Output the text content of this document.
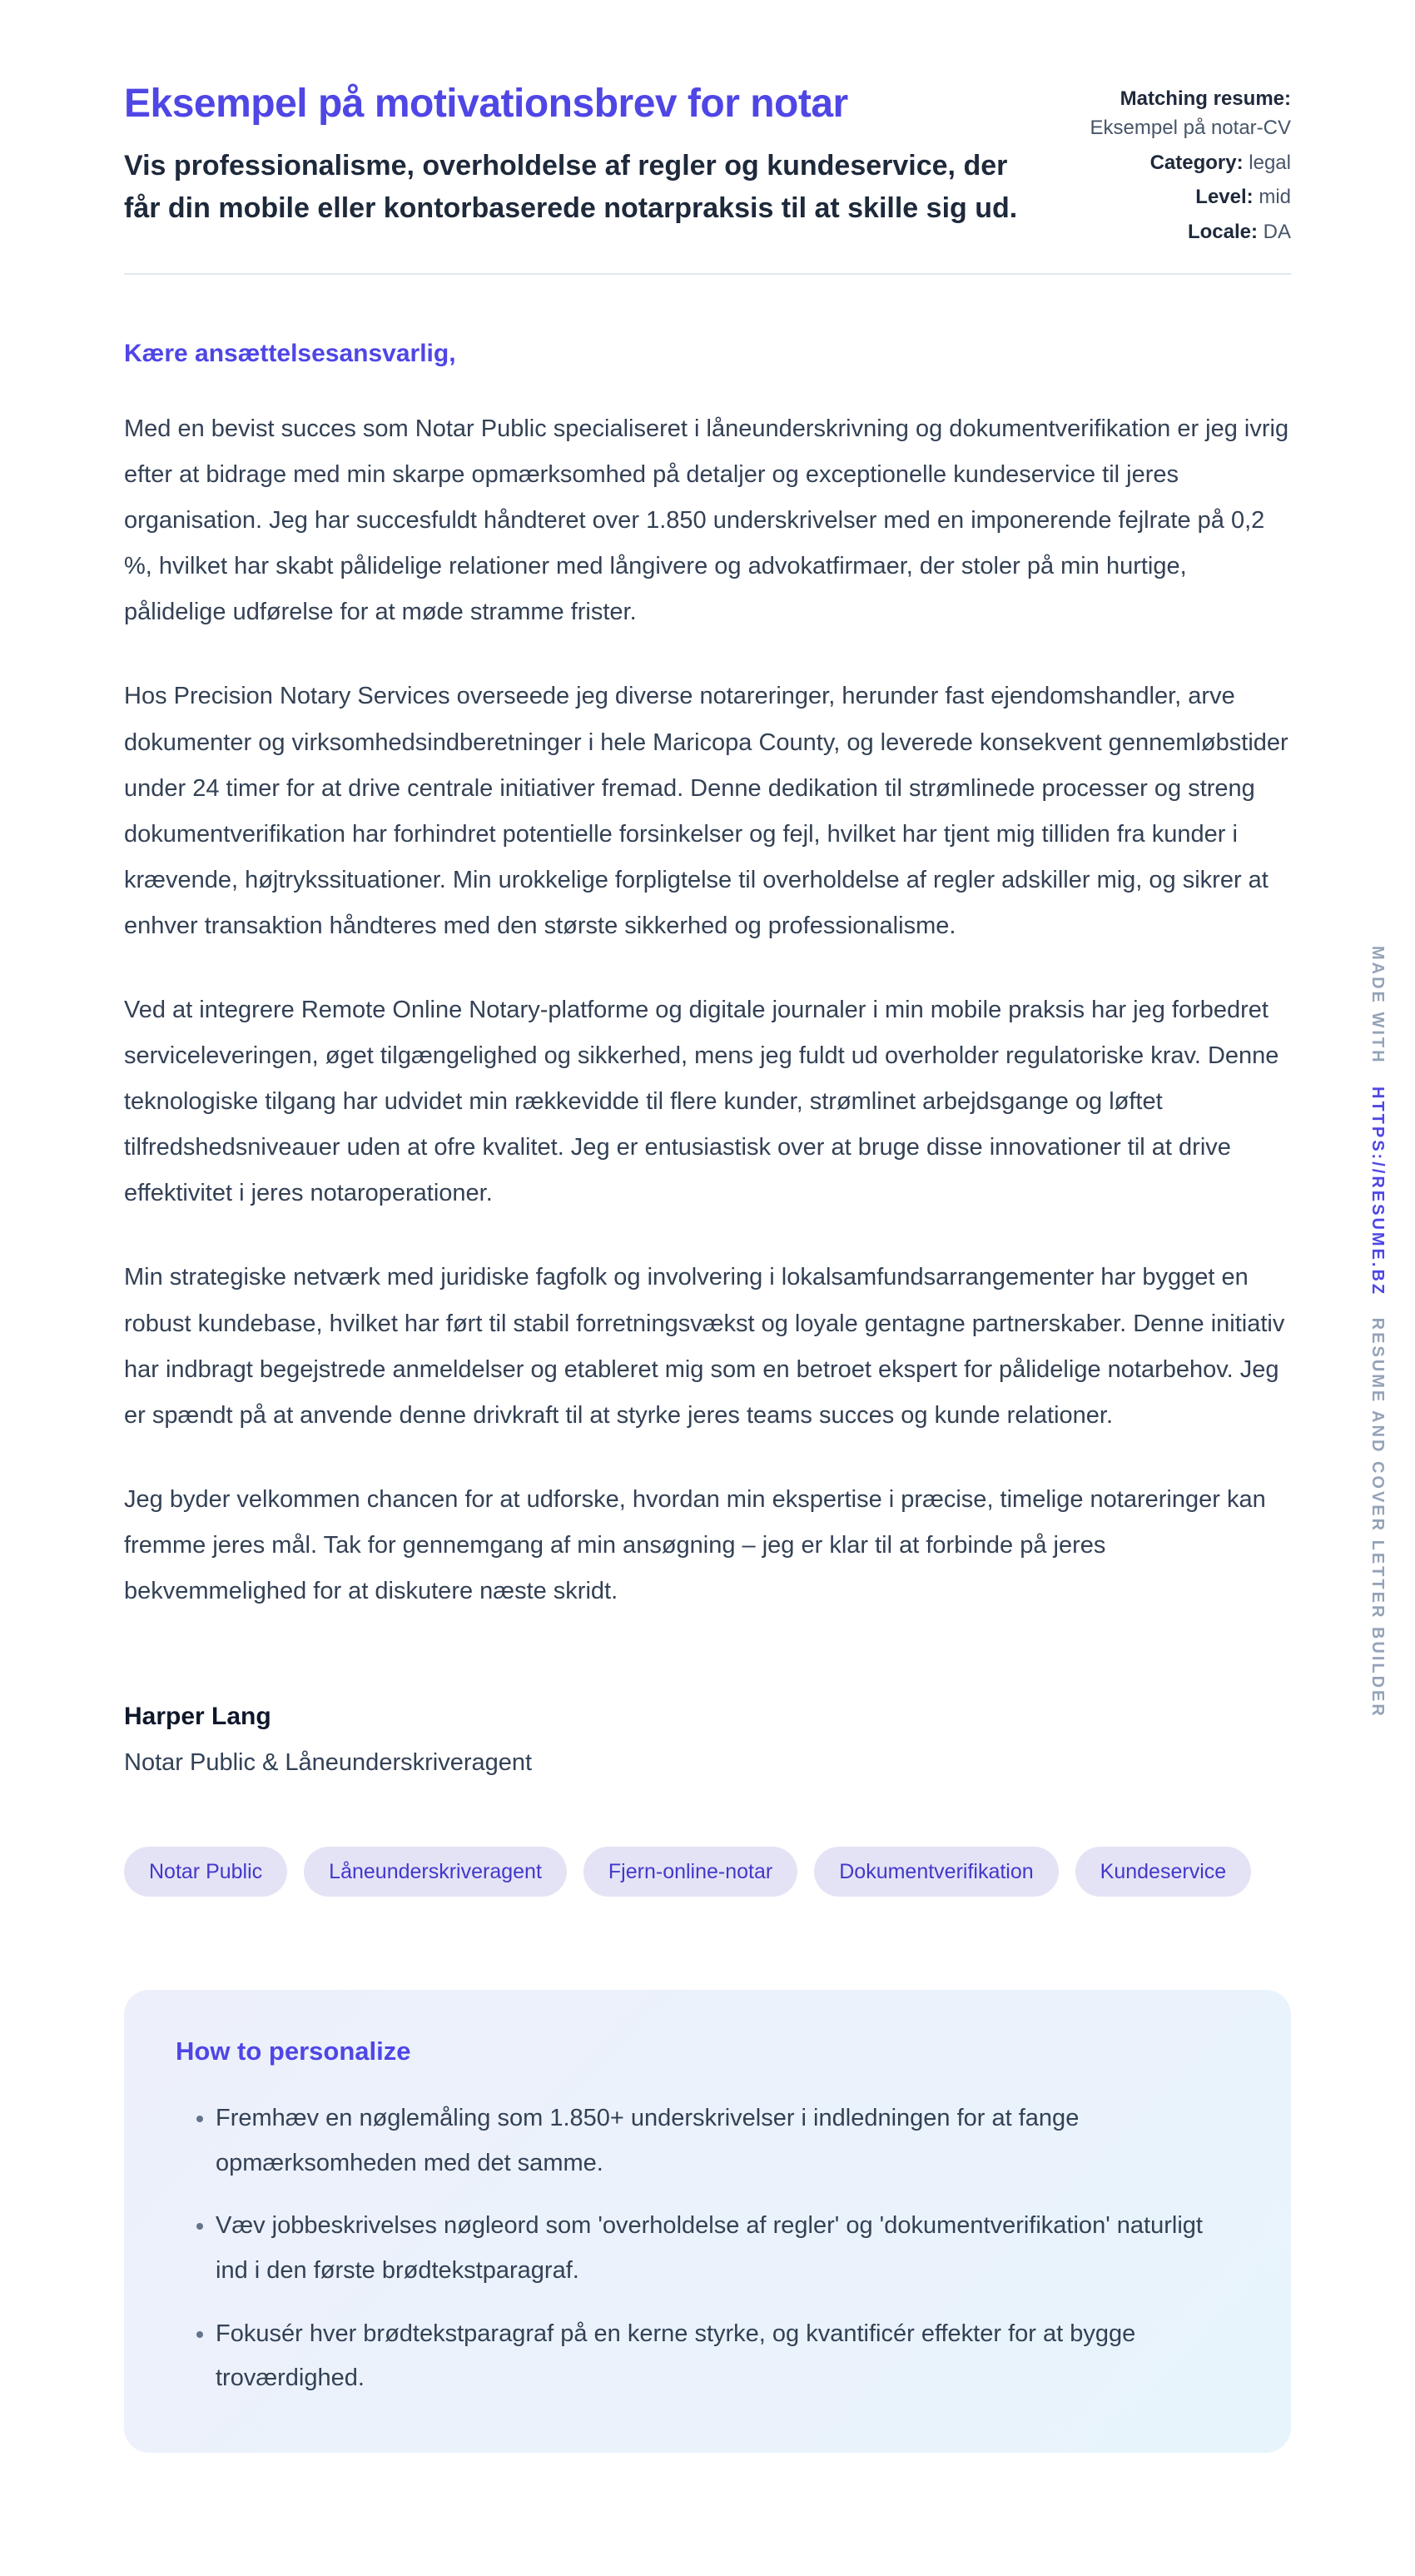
MADE WITHHTTPS://RESUME.BZRESUME AND COVER LETTER BUILDER
Eksempel på motivationsbrev for notar

Vis professionalisme, overholdelse af regler og kundeservice, der får din mobile eller kontorbaserede notarpraksis til at skille sig ud.

Matching resume: Eksempel på notar-CV
Category: legal
Level: mid
Locale: DA

Kære ansættelsesansvarlig,

Med en bevist succes som Notar Public specialiseret i låneunderskrivning og dokumentverifikation er jeg ivrig efter at bidrage med min skarpe opmærksomhed på detaljer og exceptionelle kundeservice til jeres organisation. Jeg har succesfuldt håndteret over 1.850 underskrivelser med en imponerende fejlrate på 0,2 %, hvilket har skabt pålidelige relationer med långivere og advokatfirmaer, der stoler på min hurtige, pålidelige udførelse for at møde stramme frister.

Hos Precision Notary Services overseede jeg diverse notareringer, herunder fast ejendomshandler, arve dokumenter og virksomhedsindberetninger i hele Maricopa County, og leverede konsekvent gennemløbstider under 24 timer for at drive centrale initiativer fremad. Denne dedikation til strømlinede processer og streng dokumentverifikation har forhindret potentielle forsinkelser og fejl, hvilket har tjent mig tilliden fra kunder i krævende, højtrykssituationer. Min urokkelige forpligtelse til overholdelse af regler adskiller mig, og sikrer at enhver transaktion håndteres med den største sikkerhed og professionalisme.

Ved at integrere Remote Online Notary-platforme og digitale journaler i min mobile praksis har jeg forbedret serviceleveringen, øget tilgængelighed og sikkerhed, mens jeg fuldt ud overholder regulatoriske krav. Denne teknologiske tilgang har udvidet min rækkevidde til flere kunder, strømlinet arbejdsgange og løftet tilfredshedsniveauer uden at ofre kvalitet. Jeg er entusiastisk over at bruge disse innovationer til at drive effektivitet i jeres notaroperationer.

Min strategiske netværk med juridiske fagfolk og involvering i lokalsamfundsarrangementer har bygget en robust kundebase, hvilket har ført til stabil forretningsvækst og loyale gentagne partnerskaber. Denne initiativ har indbragt begejstrede anmeldelser og etableret mig som en betroet ekspert for pålidelige notarbehov. Jeg er spændt på at anvende denne drivkraft til at styrke jeres teams succes og kunde relationer.

Jeg byder velkommen chancen for at udforske, hvordan min ekspertise i præcise, timelige notareringer kan fremme jeres mål. Tak for gennemgang af min ansøgning – jeg er klar til at forbinde på jeres bekvemmelighed for at diskutere næste skridt.

Harper Lang

Notar Public & Låneunderskriveragent

Notar Public	Låneunderskriveragent	Fjern-online-notar	Dokumentverifikation	Kundeservice
How to personalize
• Fremhæv en nøglemåling som 1.850+ underskrivelser i indledningen for at fange opmærksomheden med det samme.
• Væv jobbeskrivelses nøgleord som 'overholdelse af regler' og 'dokumentverifikation' naturligt ind i den første brødtekstparagraf.
• Fokusér hver brødtekstparagraf på en kerne styrke, og kvantificér effekter for at bygge troværdighed.
